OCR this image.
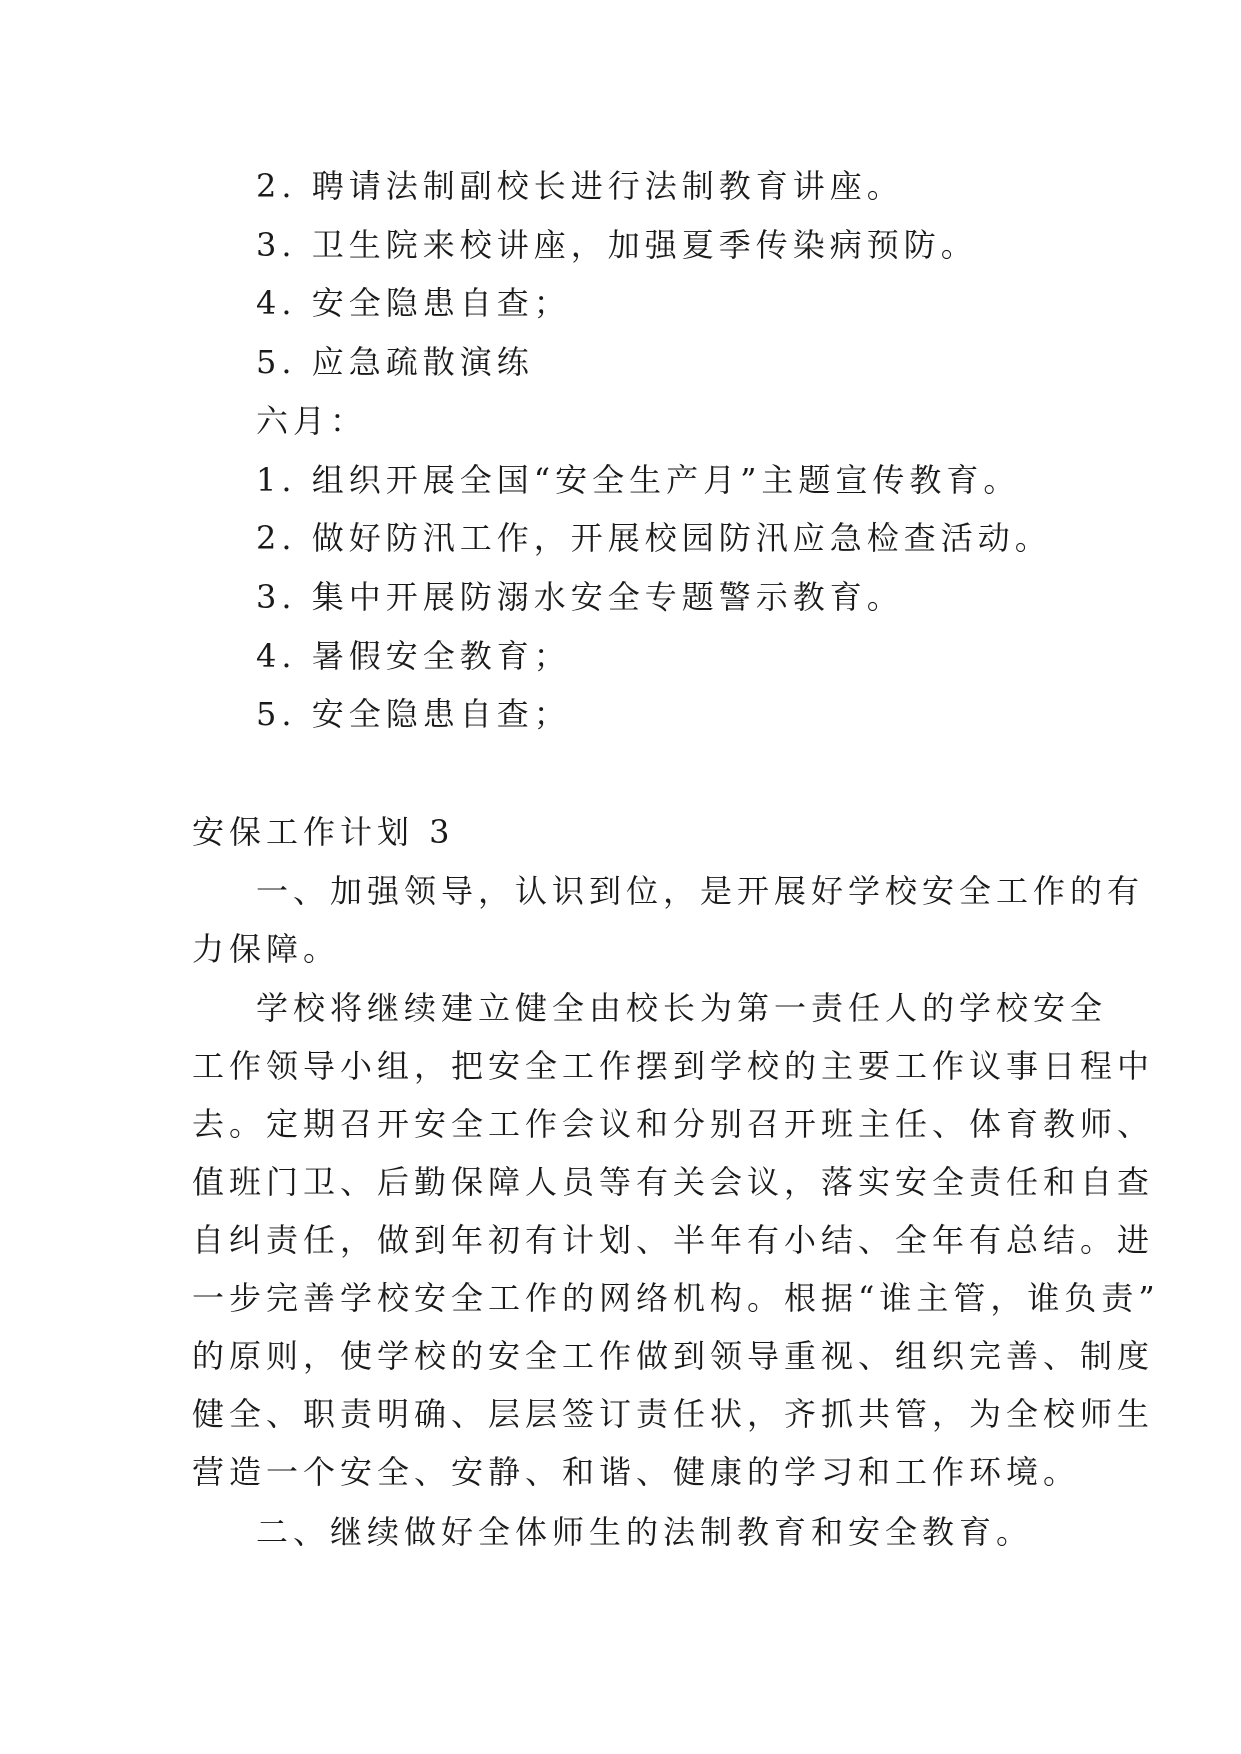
2. 聘请法制副校长进行法制教育讲座。
3. 卫生院来校讲座，加强夏季传染病预防。
4. 安全隐患自查；
5. 应急疏散演练
六月：
1. 组织开展全国“安全生产月”主题宣传教育。
2. 做好防汛工作，开展校园防汛应急检查活动。
3. 集中开展防溺水安全专题警示教育。
4. 暑假安全教育；
5. 安全隐患自查；
安保工作计划 3
一、加强领导，认识到位，是开展好学校安全工作的有
力保障。
学校将继续建立健全由校长为第一责任人的学校安全
工作领导小组，把安全工作摆到学校的主要工作议事日程中
去。定期召开安全工作会议和分别召开班主任、体育教师、
值班门卫、后勤保障人员等有关会议，落实安全责任和自查
自纠责任，做到年初有计划、半年有小结、全年有总结。进
一步完善学校安全工作的网络机构。根据“谁主管，谁负责”
的原则，使学校的安全工作做到领导重视、组织完善、制度
健全、职责明确、层层签订责任状，齐抓共管，为全校师生
营造一个安全、安静、和谐、健康的学习和工作环境。
二、继续做好全体师生的法制教育和安全教育。
